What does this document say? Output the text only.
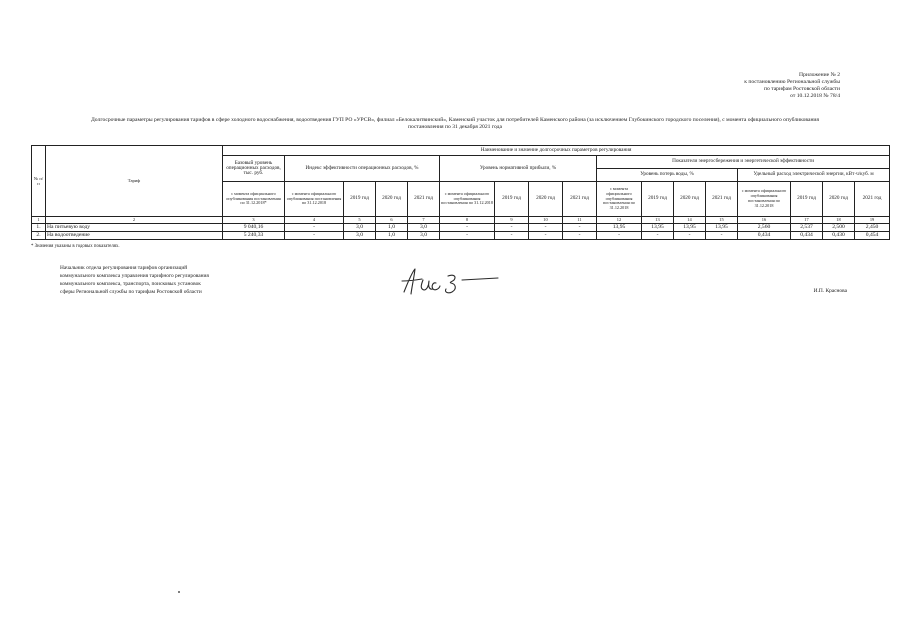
Приложение № 2
к постановлению Региональной службы
по тарифам Ростовской области
от 10.12.2018 № 78/4
Долгосрочные параметры регулирования тарифов в сфере холодного водоснабжения, водоотведения ГУП РО «УРСВ», филиал «Белокалитвинский», Каменский участок для потребителей Каменского района (за исключением Глубокинского городского поселения), с момента официального опубликования
постановления по 31 декабря 2021 года
№ п/п	Тариф	Наименование и значение долгосрочных параметров регулирования																
		Базовый уровень операционных расходов, тыс. руб.	Индекс эффективности операционных расходов, %				Уровень нормативной прибыли, %				Показатели энергосбережения и энергетической эффективности							
											Уровень потерь воды, %				Удельный расход электрической энергии, кВт·ч/куб. м			
		с момента официального опубликования постановления по 31.12.2018*	с момента официального опубликования постановления по 31.12.2018	2019 год	2020 год	2021 год	с момента официального опубликования постановления по 31.12.2018	2019 год	2020 год	2021 год	с момента официального опубликования постановления по 31.12.2018	2019 год	2020 год	2021 год	с момента официального опубликования постановления по 31.12.2018	2019 год	2020 год	2021 год
1	2	3	4	5	6	7	8	9	10	11	12	13	14	15	16	17	18	19
1.	На питьевую воду	9 040,16	-	3,0	1,0	3,0	-	-	-	-	13,95	13,95	13,95	13,95	2,560	2,537	2,500	2,450
2.	На водоотведение	5 240,33	-	3,0	1,0	3,0	-	-	-	-	-	-	-	-	0,434	0,434	0,430	0,454
* Значения указаны в годовых показателях.
Начальник отдела регулирования тарифов организаций
коммунального комплекса управления тарифного регулирования
коммунального комплекса, транспорта, поисковых установок
сферы Региональной службы по тарифам Ростовской области	И.П. Краснова
